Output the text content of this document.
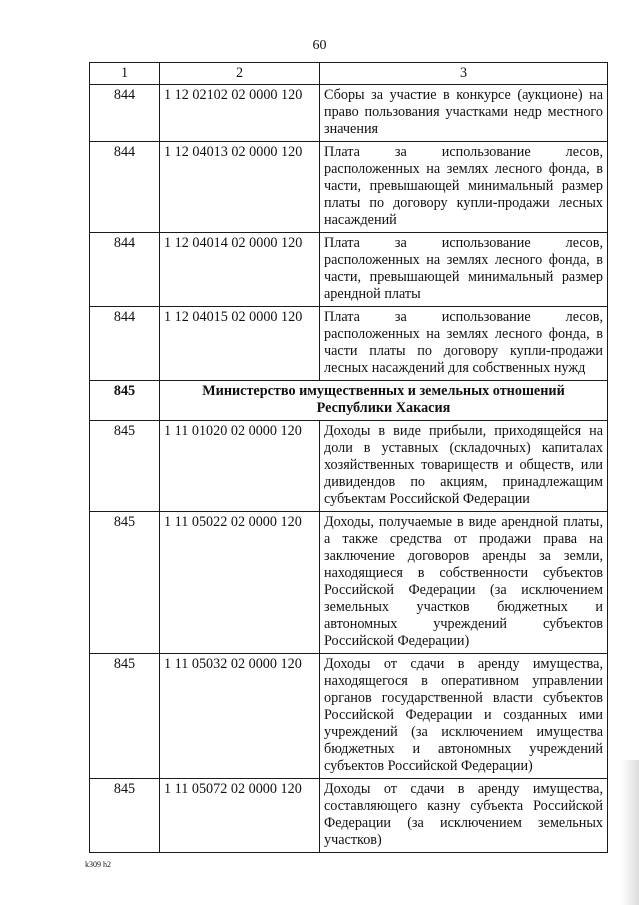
60
1	2	3
844	1 12 02102 02 0000 120	Сборы за участие в конкурсе (аукционе) на право пользования участками недр местного значения
844	1 12 04013 02 0000 120	Плата за использование лесов, расположенных на землях лесного фонда, в части, превышающей минимальный размер платы по договору купли-продажи лесных насаждений
844	1 12 04014 02 0000 120	Плата за использование лесов, расположенных на землях лесного фонда, в части, превышающей минимальный размер арендной платы
844	1 12 04015 02 0000 120	Плата за использование лесов, расположенных на землях лесного фонда, в части платы по договору купли-продажи лесных насаждений для собственных нужд
845	Министерство имущественных и земельных отношений Республики Хакасия	
845	1 11 01020 02 0000 120	Доходы в виде прибыли, приходящейся на доли в уставных (складочных) капиталах хозяйственных товариществ и обществ, или дивидендов по акциям, принадлежащим субъектам Российской Федерации
845	1 11 05022 02 0000 120	Доходы, получаемые в виде арендной платы, а также средства от продажи права на заключение договоров аренды за земли, находящиеся в собственности субъектов Российской Федерации (за исключением земельных участков бюджетных и автономных учреждений субъектов Российской Федерации)
845	1 11 05032 02 0000 120	Доходы от сдачи в аренду имущества, находящегося в оперативном управлении органов государственной власти субъектов Российской Федерации и созданных ими учреждений (за исключением имущества бюджетных и автономных учреждений субъектов Российской Федерации)
845	1 11 05072 02 0000 120	Доходы от сдачи в аренду имущества, составляющего казну субъекта Российской Федерации (за исключением земельных участков)
k309 h2
